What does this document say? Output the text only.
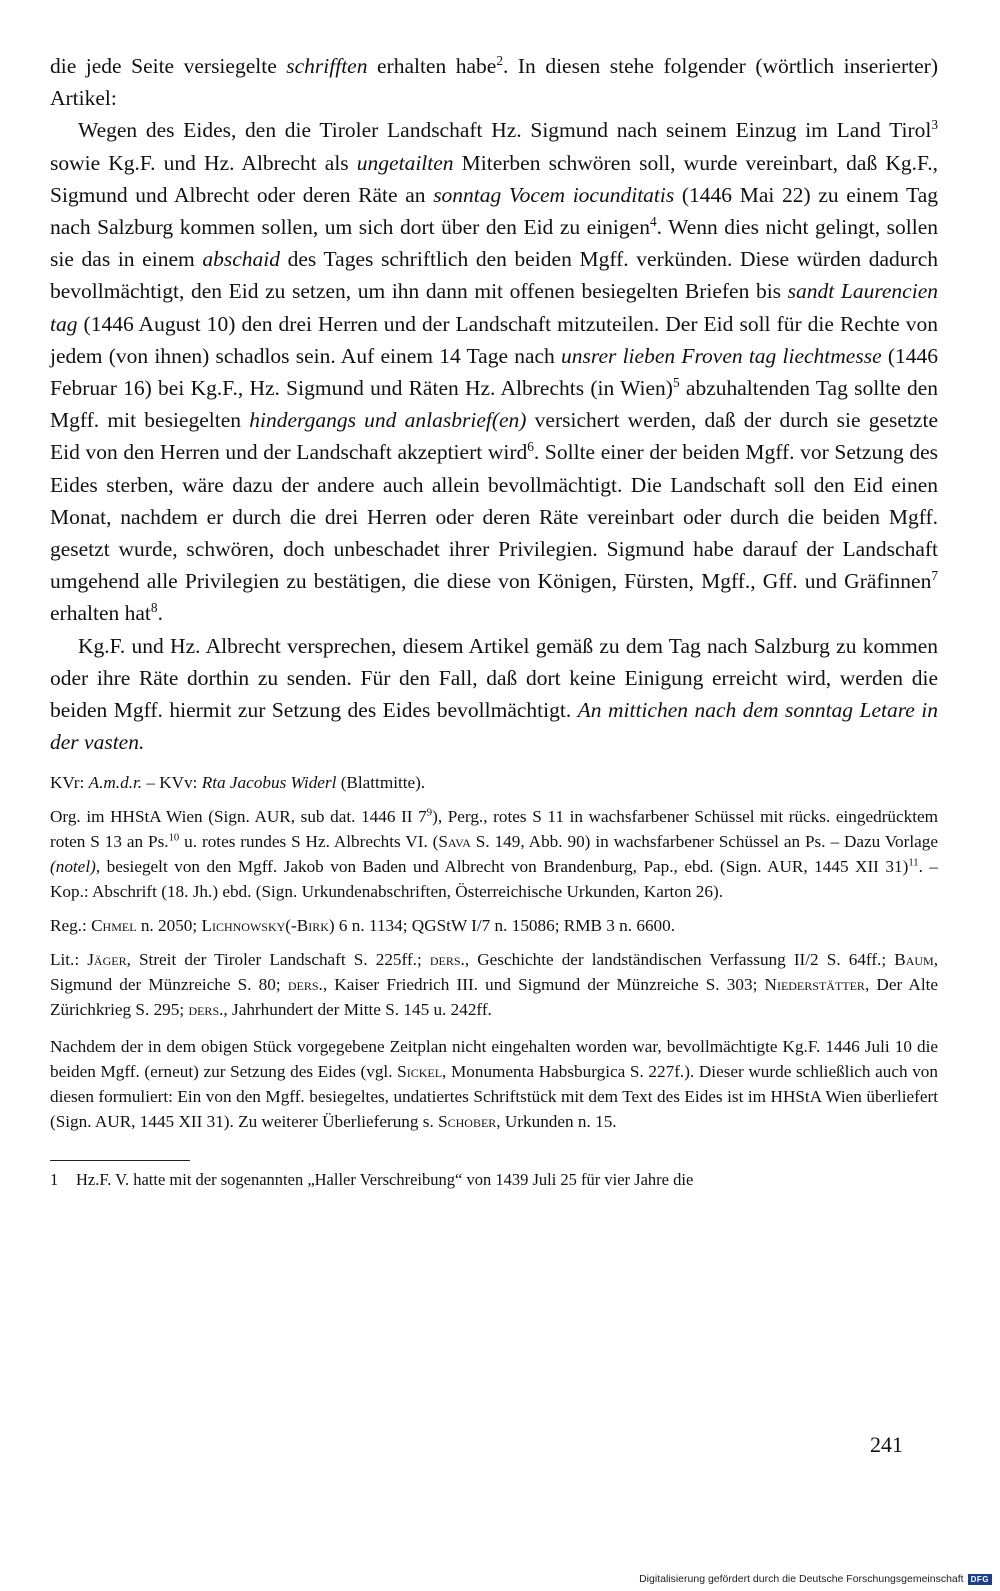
die jede Seite versiegelte schrifften erhalten habe$^2$. In diesen stehe folgender (wörtlich inserierter) Artikel:

Wegen des Eides, den die Tiroler Landschaft Hz. Sigmund nach seinem Einzug im Land Tirol$^3$ sowie Kg.F. und Hz. Albrecht als ungetailten Miterben schwören soll, wurde vereinbart, daß Kg.F., Sigmund und Albrecht oder deren Räte an sonntag Vocem iocunditatis (1446 Mai 22) zu einem Tag nach Salzburg kommen sollen, um sich dort über den Eid zu einigen$^4$. Wenn dies nicht gelingt, sollen sie das in einem abschaid des Tages schriftlich den beiden Mgff. verkünden. Diese würden dadurch bevollmächtigt, den Eid zu setzen, um ihn dann mit offenen besiegelten Briefen bis sandt Laurencien tag (1446 August 10) den drei Herren und der Landschaft mitzuteilen. Der Eid soll für die Rechte von jedem (von ihnen) schadlos sein. Auf einem 14 Tage nach unsrer lieben Froven tag liechtmesse (1446 Februar 16) bei Kg.F., Hz. Sigmund und Räten Hz. Albrechts (in Wien)$^5$ abzuhaltenden Tag sollte den Mgff. mit besiegelten hindergangs und anlasbrief(en) versichert werden, daß der durch sie gesetzte Eid von den Herren und der Landschaft akzeptiert wird$^6$. Sollte einer der beiden Mgff. vor Setzung des Eides sterben, wäre dazu der andere auch allein bevollmächtigt. Die Landschaft soll den Eid einen Monat, nachdem er durch die drei Herren oder deren Räte vereinbart oder durch die beiden Mgff. gesetzt wurde, schwören, doch unbeschadet ihrer Privilegien. Sigmund habe darauf der Landschaft umgehend alle Privilegien zu bestätigen, die diese von Königen, Fürsten, Mgff., Gff. und Gräfinnen$^7$ erhalten hat$^8$.

Kg.F. und Hz. Albrecht versprechen, diesem Artikel gemäß zu dem Tag nach Salzburg zu kommen oder ihre Räte dorthin zu senden. Für den Fall, daß dort keine Einigung erreicht wird, werden die beiden Mgff. hiermit zur Setzung des Eides bevollmächtigt. An mittichen nach dem sonntag Letare in der vasten.

KVr: A.m.d.r. – KVv: Rta Jacobus Widerl (Blattmitte).

Org. im HHStA Wien (Sign. AUR, sub dat. 1446 II $7^9$), Perg., rotes S 11 in wachsfarbener Schüssel mit rücks. eingedrücktem roten S 13 an Ps.$^{10}$ u. rotes rundes S Hz. Albrechts VI. (Sava S. 149, Abb. 90) in wachsfarbener Schüssel an Ps. – Dazu Vorlage (notel), besiegelt von den Mgff. Jakob von Baden und Albrecht von Brandenburg, Pap., ebd. (Sign. AUR, 1445 XII 31)$^{11}$. – Kop.: Abschrift (18. Jh.) ebd. (Sign. Urkundenabschriften, Österreichische Urkunden, Karton 26).

Reg.: Chmel n. 2050; Lichnowsky(-Birk) 6 n. 1134; QGStW I/7 n. 15086; RMB 3 n. 6600.

Lit.: Jäger, Streit der Tiroler Landschaft S. 225ff.; ders., Geschichte der landständischen Verfassung II/2 S. 64ff.; Baum, Sigmund der Münzreiche S. 80; ders., Kaiser Friedrich III. und Sigmund der Münzreiche S. 303; Niederstätter, Der Alte Zürichkrieg S. 295; ders., Jahrhundert der Mitte S. 145 u. 242ff.

Nachdem der in dem obigen Stück vorgegebene Zeitplan nicht eingehalten worden war, bevollmächtigte Kg.F. 1446 Juli 10 die beiden Mgff. (erneut) zur Setzung des Eides (vgl. Sickel, Monumenta Habsburgica S. 227f.). Dieser wurde schließlich auch von diesen formuliert: Ein von den Mgff. besiegeltes, undatiertes Schriftstück mit dem Text des Eides ist im HHStA Wien überliefert (Sign. AUR, 1445 XII 31). Zu weiterer Überlieferung s. Schober, Urkunden n. 15.

1 Hz.F. V. hatte mit der sogenannten „Haller Verschreibung“ von 1439 Juli 25 für vier Jahre die

241
Digitalisierung gefördert durch die Deutsche Forschungsgemeinschaft DFG
